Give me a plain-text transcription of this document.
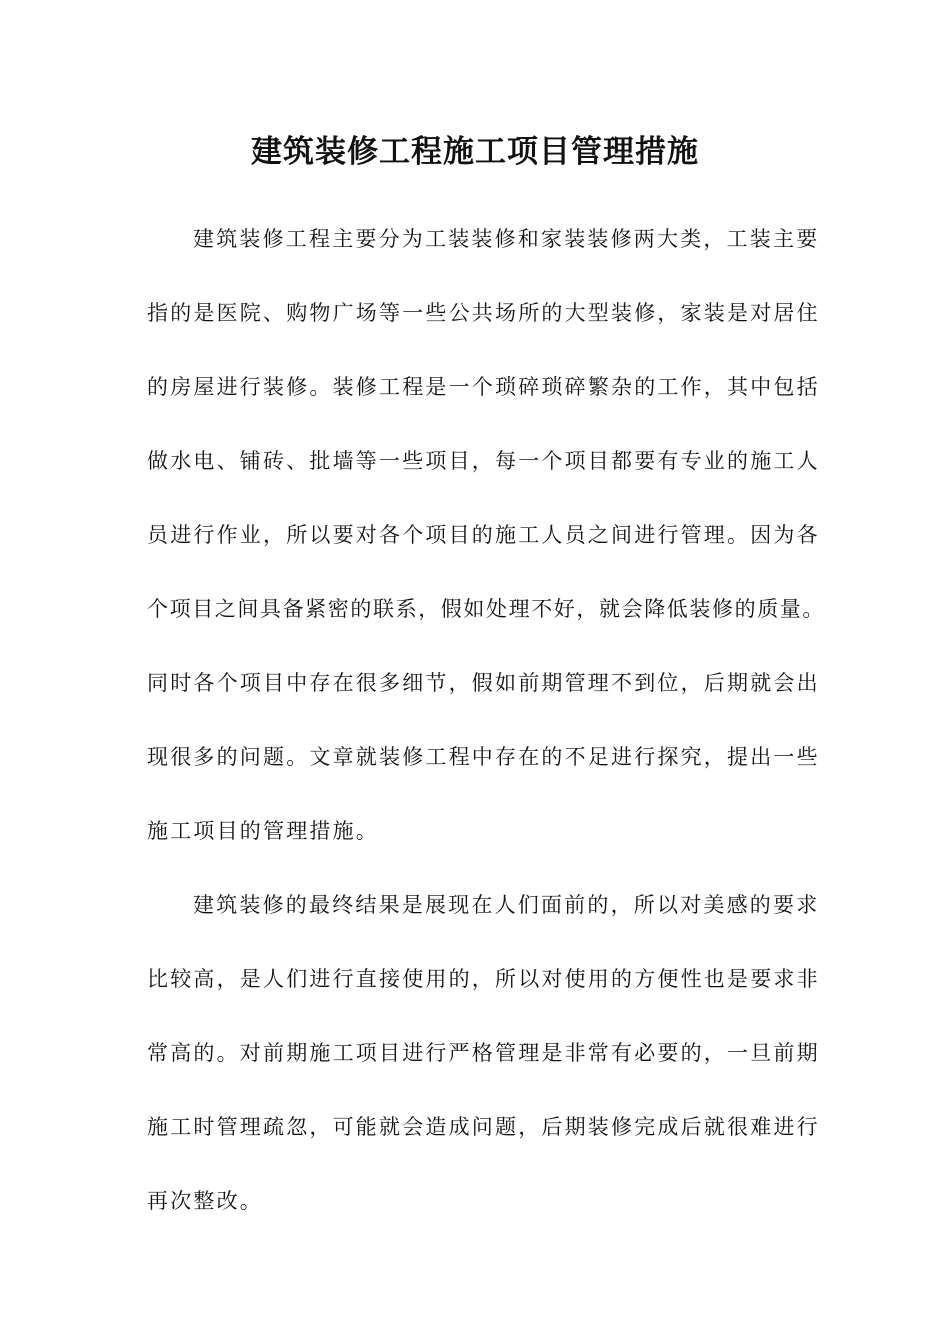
建筑装修工程施工项目管理措施
建筑装修工程主要分为工装装修和家装装修两大类，工装主要
指的是医院、购物广场等一些公共场所的大型装修，家装是对居住
的房屋进行装修。装修工程是一个琐碎琐碎繁杂的工作，其中包括
做水电、铺砖、批墙等一些项目，每一个项目都要有专业的施工人
员进行作业，所以要对各个项目的施工人员之间进行管理。因为各
个项目之间具备紧密的联系，假如处理不好，就会降低装修的质量。
同时各个项目中存在很多细节，假如前期管理不到位，后期就会出
现很多的问题。文章就装修工程中存在的不足进行探究，提出一些
施工项目的管理措施。
建筑装修的最终结果是展现在人们面前的，所以对美感的要求
比较高，是人们进行直接使用的，所以对使用的方便性也是要求非
常高的。对前期施工项目进行严格管理是非常有必要的，一旦前期
施工时管理疏忽，可能就会造成问题，后期装修完成后就很难进行
再次整改。
